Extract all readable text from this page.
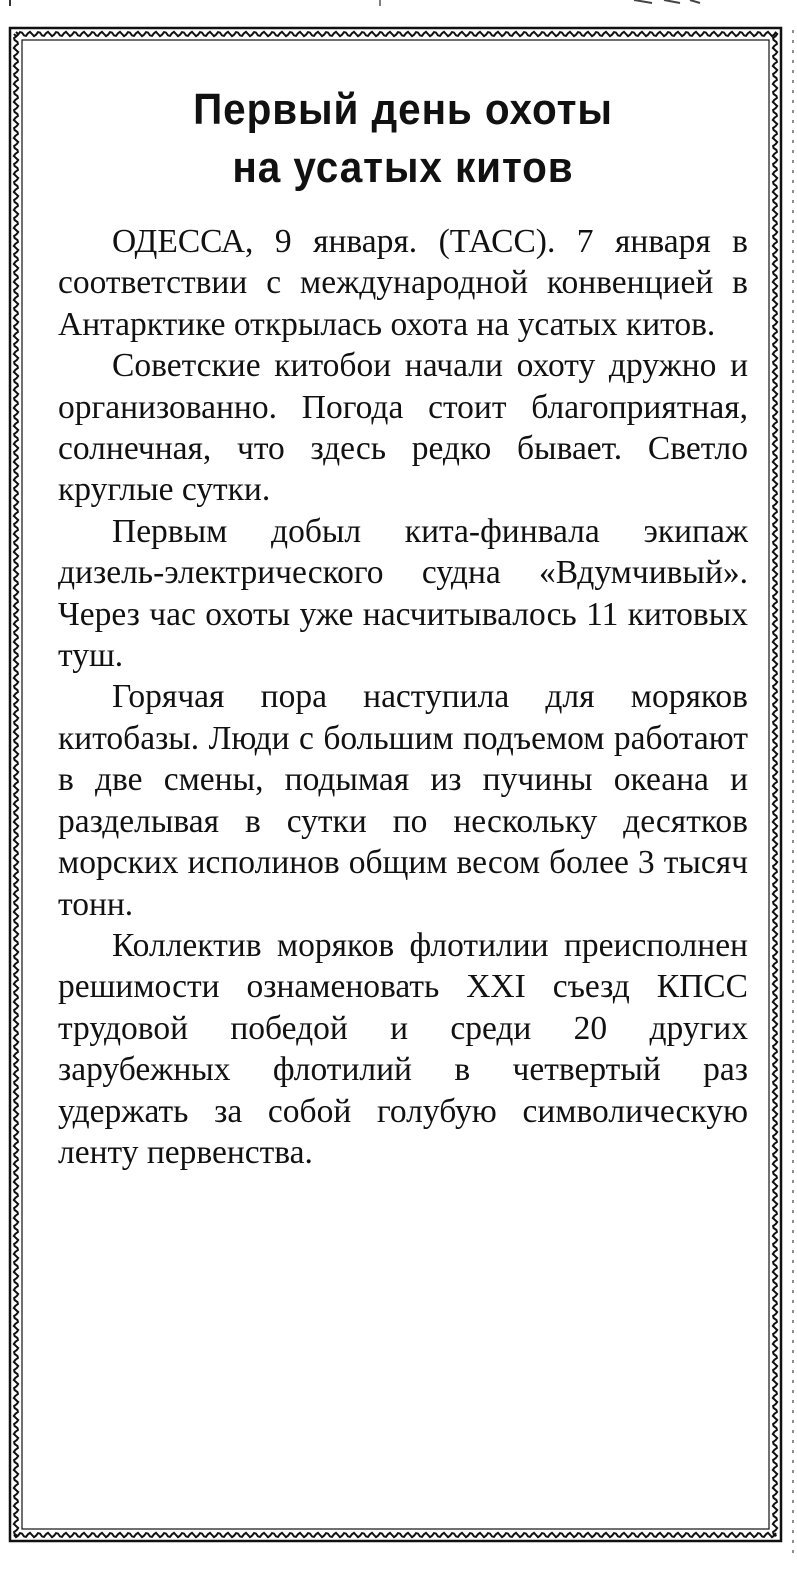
Первый день охоты
на усатых китов

ОДЕССА, 9 января. (ТАСС). 7 января в соответствии с международной конвенцией в Антарктике открылась охота на усатых китов.

Советские китобои начали охоту дружно и организованно. Погода стоит благоприятная, солнечная, что здесь редко бывает. Светло круглые сутки.

Первым добыл кита-финвала экипаж дизель-электрического судна «Вдумчивый». Через час охоты уже насчитывалось 11 китовых туш.

Горячая пора наступила для моряков китобазы. Люди с большим подъемом работают в две смены, подымая из пучины океана и разделывая в сутки по нескольку десятков морских исполинов общим весом более 3 тысяч тонн.

Коллектив моряков флотилии преисполнен решимости ознаменовать XXI съезд КПСС трудовой победой и среди 20 других зарубежных флотилий в четвертый раз удержать за собой голубую символическую ленту первенства.
